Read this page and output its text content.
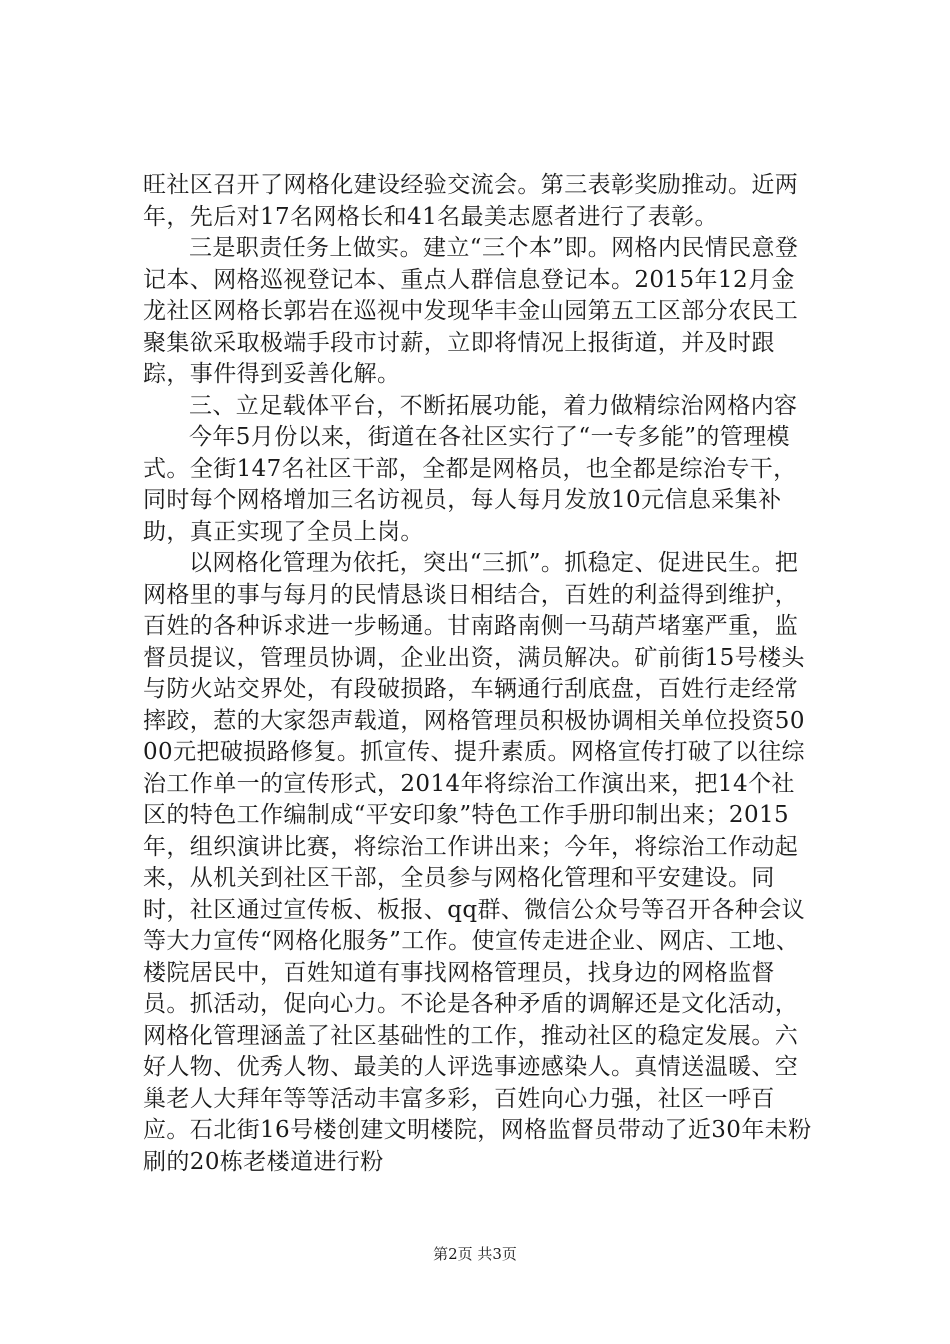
旺社区召开了网格化建设经验交流会。第三表彰奖励推动。近两年，先后对17名网格长和41名最美志愿者进行了表彰。

三是职责任务上做实。建立“三个本”即。网格内民情民意登记本、网格巡视登记本、重点人群信息登记本。2015年12月金龙社区网格长郭岩在巡视中发现华丰金山园第五工区部分农民工聚集欲采取极端手段市讨薪，立即将情况上报街道，并及时跟踪，事件得到妥善化解。

三、立足载体平台，不断拓展功能，着力做精综治网格内容

今年5月份以来，街道在各社区实行了“一专多能”的管理模式。全街147名社区干部，全都是网格员，也全都是综治专干，同时每个网格增加三名访视员，每人每月发放10元信息采集补助，真正实现了全员上岗。

以网格化管理为依托，突出“三抓”。抓稳定、促进民生。把网格里的事与每月的民情恳谈日相结合，百姓的利益得到维护，百姓的各种诉求进一步畅通。甘南路南侧一马葫芦堵塞严重，监督员提议，管理员协调，企业出资，满员解决。矿前街15号楼头与防火站交界处，有段破损路，车辆通行刮底盘，百姓行走经常摔跤，惹的大家怨声载道，网格管理员积极协调相关单位投资5000元把破损路修复。抓宣传、提升素质。网格宣传打破了以往综治工作单一的宣传形式，2014年将综治工作演出来，把14个社区的特色工作编制成“平安印象”特色工作手册印制出来；2015年，组织演讲比赛，将综治工作讲出来；今年，将综治工作动起来，从机关到社区干部，全员参与网格化管理和平安建设。同时，社区通过宣传板、板报、qq群、微信公众号等召开各种会议等大力宣传“网格化服务”工作。使宣传走进企业、网店、工地、楼院居民中，百姓知道有事找网格管理员，找身边的网格监督员。抓活动，促向心力。不论是各种矛盾的调解还是文化活动，网格化管理涵盖了社区基础性的工作，推动社区的稳定发展。六好人物、优秀人物、最美的人评选事迹感染人。真情送温暖、空巢老人大拜年等等活动丰富多彩，百姓向心力强，社区一呼百应。石北街16号楼创建文明楼院，网格监督员带动了近30年未粉刷的20栋老楼道进行粉

第2页 共3页
